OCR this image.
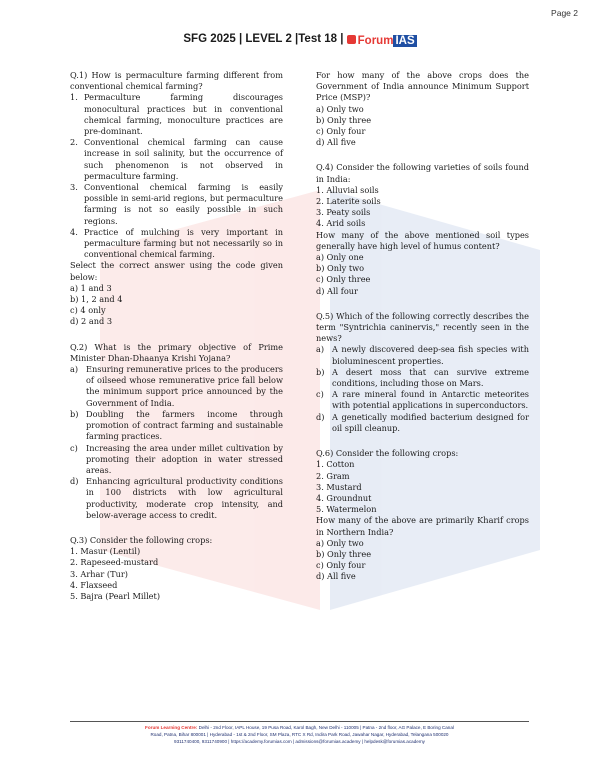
Page 2
SFG 2025 | LEVEL 2 |Test 18 | Forum IAS

Q.1) How is permaculture farming different from conventional chemical farming?

1. Permaculture farming discourages monocultural practices but in conventional chemical farming, monoculture practices are pre-dominant.
2. Conventional chemical farming can cause increase in soil salinity, but the occurrence of such phenomenon is not observed in permaculture farming.
3. Conventional chemical farming is easily possible in semi-arid regions, but permaculture farming is not so easily possible in such regions.
4. Practice of mulching is very important in permaculture farming but not necessarily so in conventional chemical farming.

Select the correct answer using the code given below:

a) 1 and 3

b) 1, 2 and 4

c) 4 only

d) 2 and 3

Q.2) What is the primary objective of Prime Minister Dhan-Dhaanya Krishi Yojana?

a) Ensuring remunerative prices to the producers of oilseed whose remunerative price fall below the minimum support price announced by the Government of India.
b) Doubling the farmers income through promotion of contract farming and sustainable farming practices.
c) Increasing the area under millet cultivation by promoting their adoption in water stressed areas.
d) Enhancing agricultural productivity conditions in 100 districts with low agricultural productivity, moderate crop intensity, and below-average access to credit.

Q.3) Consider the following crops:

1. Masur (Lentil)

2. Rapeseed-mustard

3. Arhar (Tur)

4. Flaxseed

5. Bajra (Pearl Millet)

For how many of the above crops does the Government of India announce Minimum Support Price (MSP)?

a) Only two

b) Only three

c) Only four

d) All five

Q.4) Consider the following varieties of soils found in India:

1. Alluvial soils

2. Laterite soils

3. Peaty soils

4. Arid soils

How many of the above mentioned soil types generally have high level of humus content?

a) Only one

b) Only two

c) Only three

d) All four

Q.5) Which of the following correctly describes the term "Syntrichia caninervis," recently seen in the news?

a) A newly discovered deep-sea fish species with bioluminescent properties.
b) A desert moss that can survive extreme conditions, including those on Mars.
c) A rare mineral found in Antarctic meteorites with potential applications in superconductors.
d) A genetically modified bacterium designed for oil spill cleanup.

Q.6) Consider the following crops:

1. Cotton

2. Gram

3. Mustard

4. Groundnut

5. Watermelon

How many of the above are primarily Kharif crops in Northern India?

a) Only two

b) Only three

c) Only four

d) All five

Forum Learning Centre: Delhi - 2nd Floor, IAPL House, 19 Pusa Road, Karol Bagh, New Delhi - 110005 | Patna - 2nd floor, AG Palace, E Boring Canal
Road, Patna, Bihar 800001 | Hyderabad - 1st & 2nd Floor, SM Plaza, RTC X Rd, Indira Park Road, Jawahar Nagar, Hyderabad, Telangana 500020
9311740400, 9311740900 | https://academy.forumias.com | admissions@forumias.academy | helpdesk@forumias.academy
